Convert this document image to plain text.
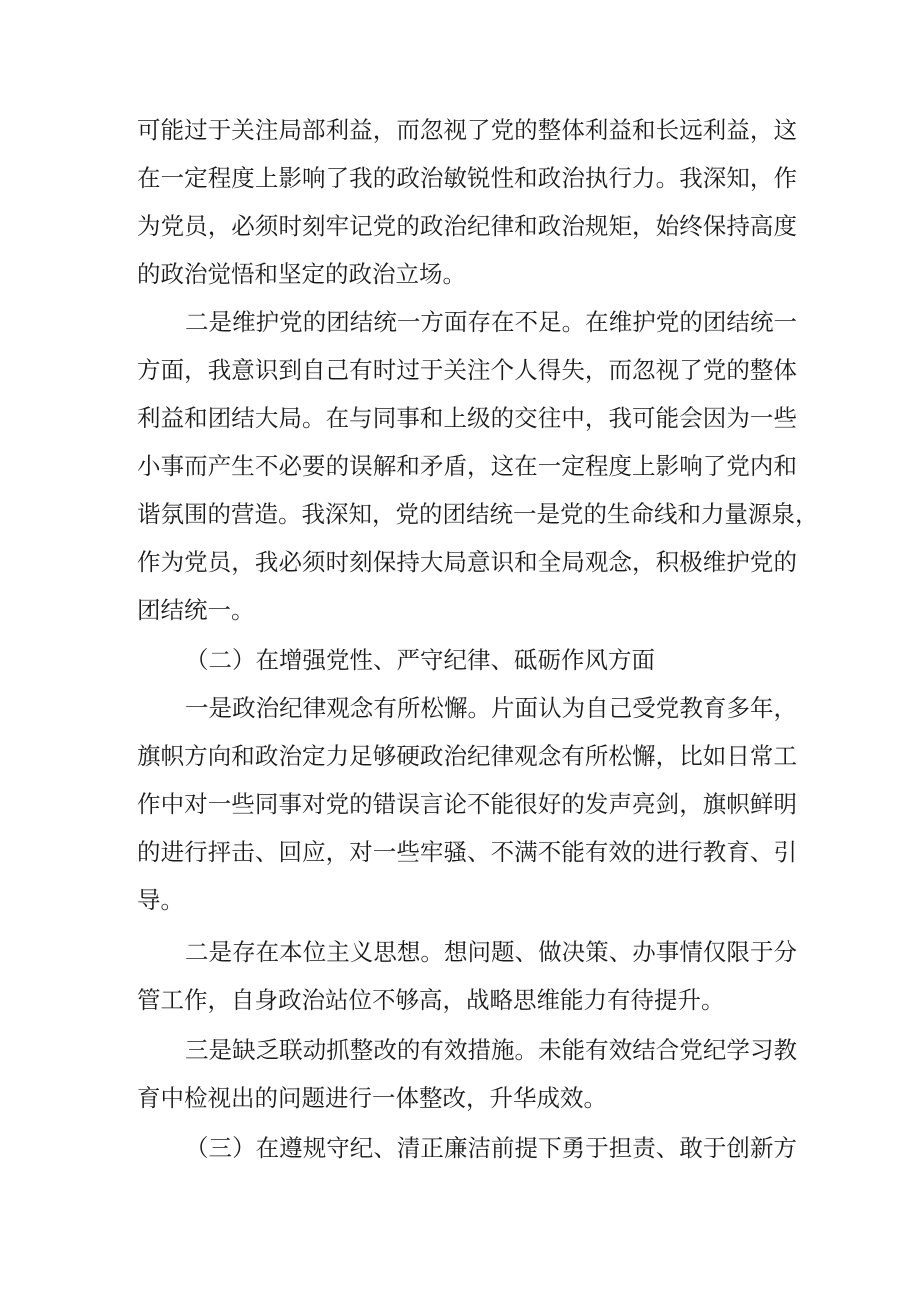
可能过于关注局部利益，而忽视了党的整体利益和长远利益，这
在一定程度上影响了我的政治敏锐性和政治执行力。我深知，作
为党员，必须时刻牢记党的政治纪律和政治规矩，始终保持高度
的政治觉悟和坚定的政治立场。
二是维护党的团结统一方面存在不足。在维护党的团结统一
方面，我意识到自己有时过于关注个人得失，而忽视了党的整体
利益和团结大局。在与同事和上级的交往中，我可能会因为一些
小事而产生不必要的误解和矛盾，这在一定程度上影响了党内和
谐氛围的营造。我深知，党的团结统一是党的生命线和力量源泉，
作为党员，我必须时刻保持大局意识和全局观念，积极维护党的
团结统一。
（二）在增强党性、严守纪律、砥砺作风方面
一是政治纪律观念有所松懈。片面认为自己受党教育多年，
旗帜方向和政治定力足够硬政治纪律观念有所松懈，比如日常工
作中对一些同事对党的错误言论不能很好的发声亮剑，旗帜鲜明
的进行抨击、回应，对一些牢骚、不满不能有效的进行教育、引
导。
二是存在本位主义思想。想问题、做决策、办事情仅限于分
管工作，自身政治站位不够高，战略思维能力有待提升。
三是缺乏联动抓整改的有效措施。未能有效结合党纪学习教
育中检视出的问题进行一体整改，升华成效。
（三）在遵规守纪、清正廉洁前提下勇于担责、敢于创新方
